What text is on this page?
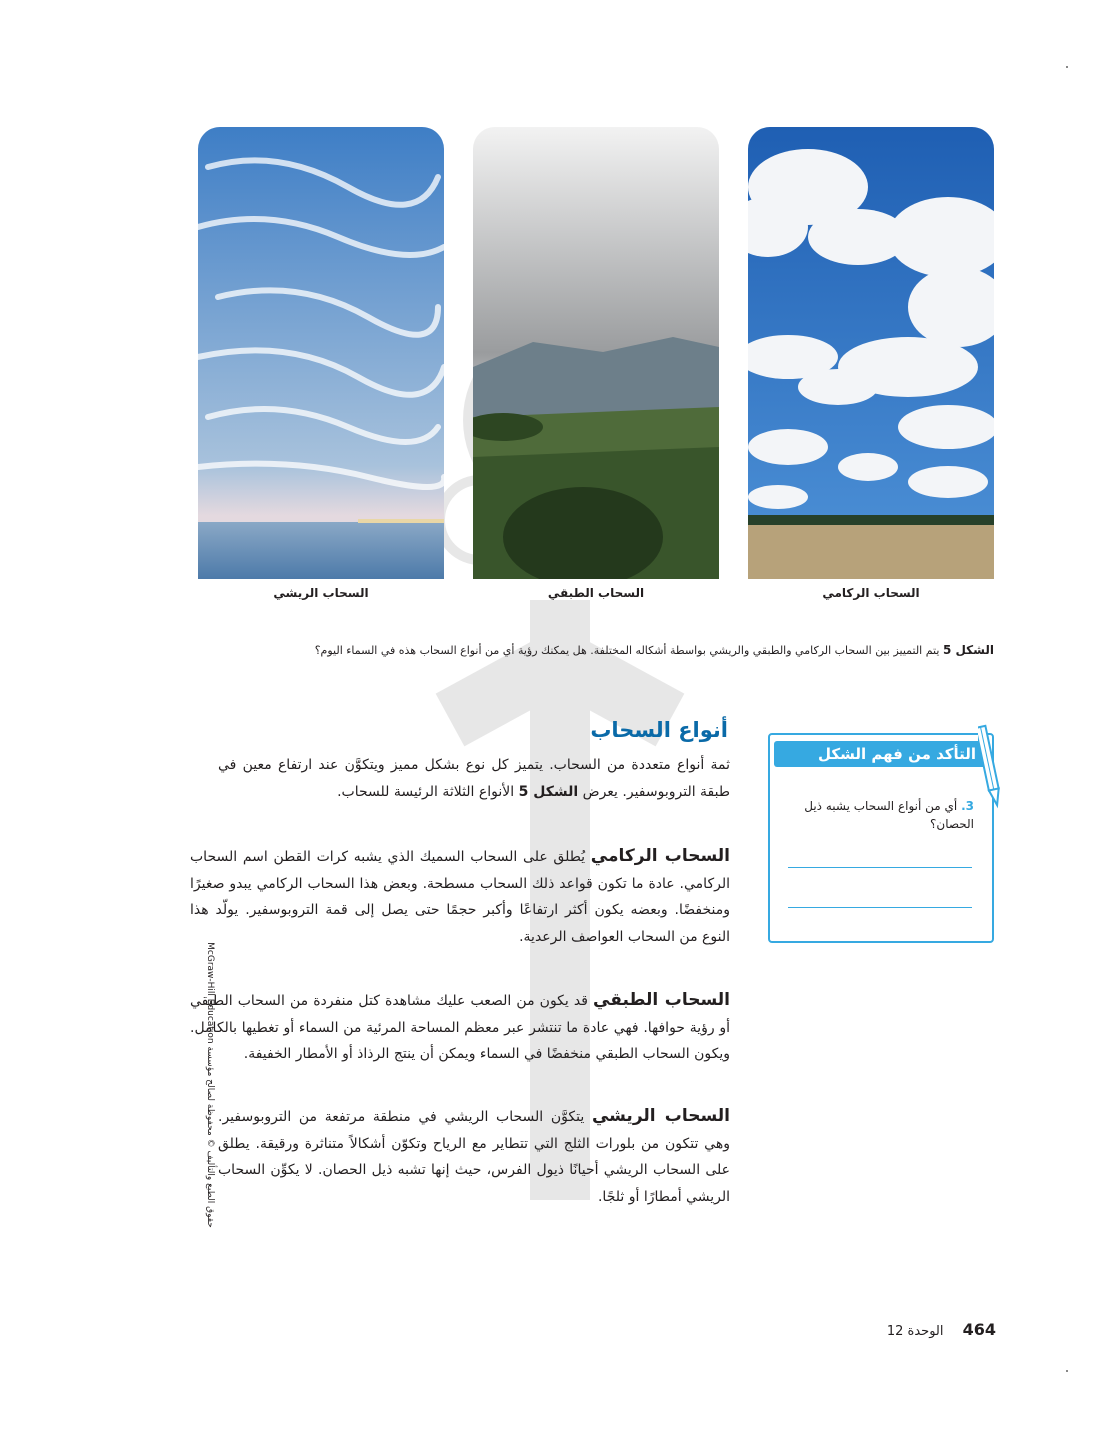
السحاب الركامي
السحاب الطبقي
السحاب الريشي
الشكل 5 يتم التمييز بين السحاب الركامي والطبقي والريشي بواسطة أشكاله المختلفة. هل يمكنك رؤية أي من أنواع السحاب هذه في السماء اليوم؟
أنواع السحاب
ثمة أنواع متعددة من السحاب. يتميز كل نوع بشكل مميز ويتكوَّن عند ارتفاع معين في طبقة التروبوسفير. يعرض الشكل 5 الأنواع الثلاثة الرئيسة للسحاب.
السحاب الركامي يُطلق على السحاب السميك الذي يشبه كرات القطن اسم السحاب الركامي. عادة ما تكون قواعد ذلك السحاب مسطحة. وبعض هذا السحاب الركامي يبدو صغيرًا ومنخفضًا. وبعضه يكون أكثر ارتفاعًا وأكبر حجمًا حتى يصل إلى قمة التروبوسفير. يولّد هذا النوع من السحاب العواصف الرعدية.
السحاب الطبقي قد يكون من الصعب عليك مشاهدة كتل منفردة من السحاب الطبقي أو رؤية حوافها. فهي عادة ما تنتشر عبر معظم المساحة المرئية من السماء أو تغطيها بالكامل. ويكون السحاب الطبقي منخفضًا في السماء ويمكن أن ينتج الرذاذ أو الأمطار الخفيفة.
السحاب الريشي يتكوَّن السحاب الريشي في منطقة مرتفعة من التروبوسفير. وهي تتكون من بلورات الثلج التي تتطاير مع الرياح وتكوّن أشكالاً متناثرة ورقيقة. يطلق على السحاب الريشي أحيانًا ذيول الفرس، حيث إنها تشبه ذيل الحصان. لا يكوِّن السحاب الريشي أمطارًا أو ثلجًا.
التأكد من فهم الشكل
3. أي من أنواع السحاب يشبه ذيل الحصان؟
حقوق الطبع والتأليف © محفوظة لصالح مؤسسة McGraw-Hill Education
464 الوحدة 12
